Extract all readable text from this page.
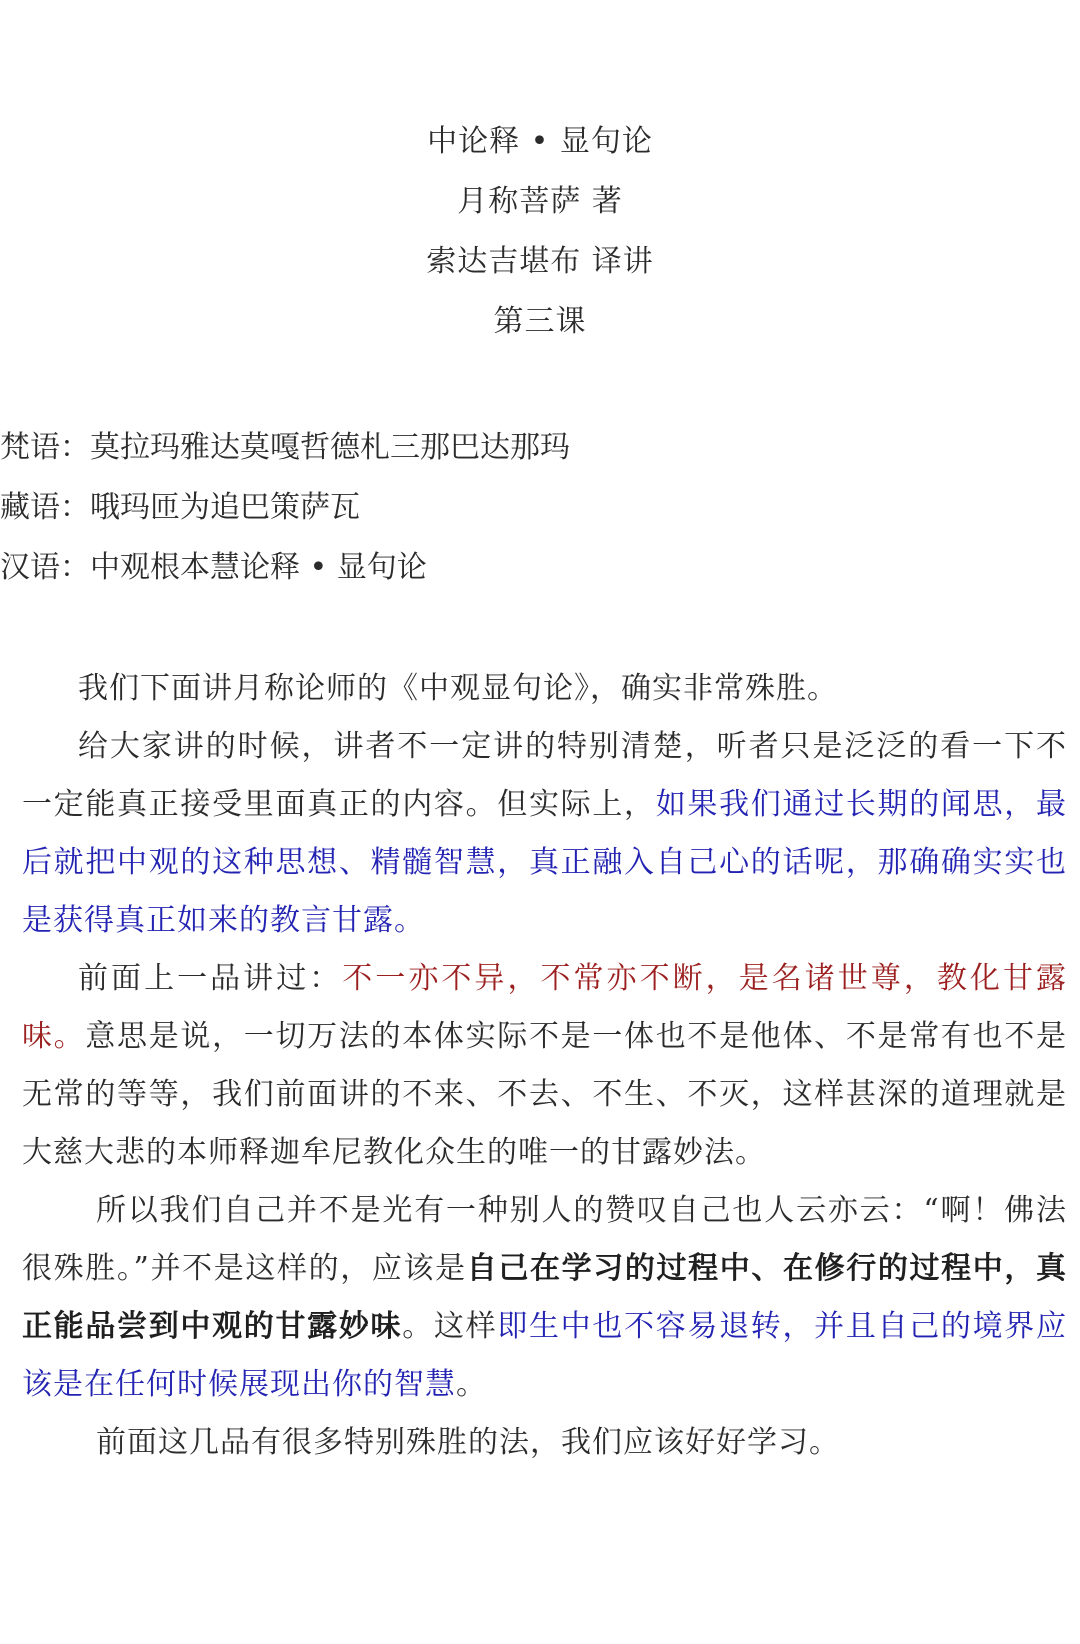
中论释 • 显句论
月称菩萨 著
索达吉堪布 译讲
第三课
梵语：莫拉玛雅达莫嘎哲德札三那巴达那玛
藏语：哦玛匝为追巴策萨瓦
汉语：中观根本慧论释 • 显句论

我们下面讲月称论师的《中观显句论》，确实非常殊胜。

给大家讲的时候，讲者不一定讲的特别清楚，听者只是泛泛的看一下不一定能真正接受里面真正的内容。但实际上，如果我们通过长期的闻思，最后就把中观的这种思想、精髓智慧，真正融入自己心的话呢，那确确实实也是获得真正如来的教言甘露。

前面上一品讲过：不一亦不异，不常亦不断，是名诸世尊，教化甘露味。意思是说，一切万法的本体实际不是一体也不是他体、不是常有也不是无常的等等，我们前面讲的不来、不去、不生、不灭，这样甚深的道理就是大慈大悲的本师释迦牟尼教化众生的唯一的甘露妙法。

所以我们自己并不是光有一种别人的赞叹自己也人云亦云：“啊！佛法很殊胜。”并不是这样的，应该是自己在学习的过程中、在修行的过程中，真正能品尝到中观的甘露妙味。这样即生中也不容易退转，并且自己的境界应该是在任何时候展现出你的智慧。

前面这几品有很多特别殊胜的法，我们应该好好学习。
